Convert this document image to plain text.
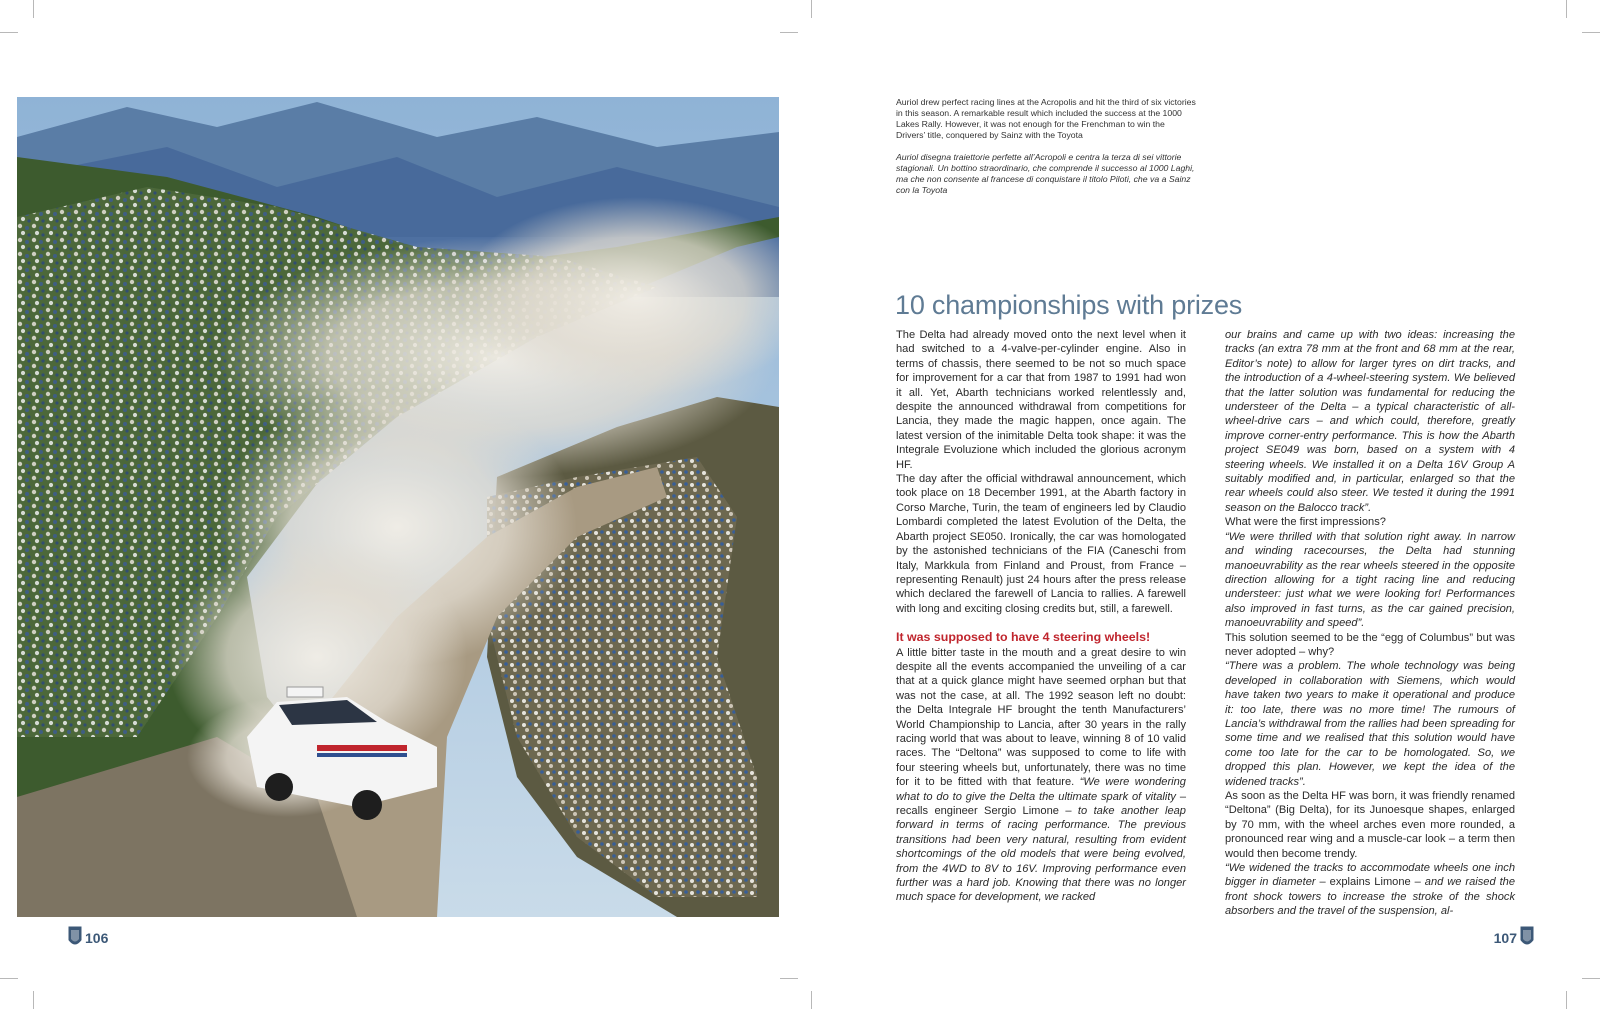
106

Auriol drew perfect racing lines at the Acropolis and hit the third of six victories in this season. A remarkable result which included the success at the 1000 Lakes Rally. However, it was not enough for the Frenchman to win the Drivers’ title, conquered by Sainz with the Toyota

Auriol disegna traiettorie perfette all’Acropoli e centra la terza di sei vittorie stagionali. Un bottino straordinario, che comprende il successo al 1000 Laghi, ma che non consente al francese di conquistare il titolo Piloti, che va a Sainz con la Toyota

10 championships with prizes

The Delta had already moved onto the next level when it had switched to a 4-valve-per-cylinder engine. Also in terms of chassis, there seemed to be not so much space for improvement for a car that from 1987 to 1991 had won it all. Yet, Abarth technicians worked relentlessly and, despite the announced withdrawal from competitions for Lancia, they made the magic happen, once again. The latest version of the inimitable Delta took shape: it was the Integrale Evoluzione which included the glorious acronym HF.

The day after the official withdrawal announcement, which took place on 18 December 1991, at the Abarth factory in Corso Marche, Turin, the team of engineers led by Claudio Lombardi completed the latest Evolution of the Delta, the Abarth project SE050. Ironically, the car was homologated by the astonished technicians of the FIA (Caneschi from Italy, Markkula from Finland and Proust, from France – representing Renault) just 24 hours after the press release which declared the farewell of Lancia to rallies. A farewell with long and exciting closing credits but, still, a farewell.

It was supposed to have 4 steering wheels!

A little bitter taste in the mouth and a great desire to win despite all the events accompanied the unveiling of a car that at a quick glance might have seemed orphan but that was not the case, at all. The 1992 season left no doubt: the Delta Integrale HF brought the tenth Manufacturers’ World Championship to Lancia, after 30 years in the rally racing world that was about to leave, winning 8 of 10 valid races. The “Deltona” was supposed to come to life with four steering wheels but, unfortunately, there was no time for it to be fitted with that feature. “We were wondering what to do to give the Delta the ultimate spark of vitality – recalls engineer Sergio Limone – to take another leap forward in terms of racing performance. The previous transitions had been very natural, resulting from evident shortcomings of the old models that were being evolved, from the 4WD to 8V to 16V. Improving performance even further was a hard job. Knowing that there was no longer much space for development, we racked

our brains and came up with two ideas: increasing the tracks (an extra 78 mm at the front and 68 mm at the rear, Editor’s note) to allow for larger tyres on dirt tracks, and the introduction of a 4-wheel-steering system. We believed that the latter solution was fundamental for reducing the understeer of the Delta – a typical characteristic of all-wheel-drive cars – and which could, therefore, greatly improve corner-entry performance. This is how the Abarth project SE049 was born, based on a system with 4 steering wheels. We installed it on a Delta 16V Group A suitably modified and, in particular, enlarged so that the rear wheels could also steer. We tested it during the 1991 season on the Balocco track”.

What were the first impressions?

“We were thrilled with that solution right away. In narrow and winding racecourses, the Delta had stunning manoeuvrability as the rear wheels steered in the opposite direction allowing for a tight racing line and reducing understeer: just what we were looking for! Performances also improved in fast turns, as the car gained precision, manoeuvrability and speed”.

This solution seemed to be the “egg of Columbus” but was never adopted – why?

“There was a problem. The whole technology was being developed in collaboration with Siemens, which would have taken two years to make it operational and produce it: too late, there was no more time! The rumours of Lancia’s withdrawal from the rallies had been spreading for some time and we realised that this solution would have come too late for the car to be homologated. So, we dropped this plan. However, we kept the idea of the widened tracks”.

As soon as the Delta HF was born, it was friendly renamed “Deltona” (Big Delta), for its Junoesque shapes, enlarged by 70 mm, with the wheel arches even more rounded, a pronounced rear wing and a muscle-car look – a term then would then become trendy.

“We widened the tracks to accommodate wheels one inch bigger in diameter – explains Limone – and we raised the front shock towers to increase the stroke of the shock absorbers and the travel of the suspension, al-

107
